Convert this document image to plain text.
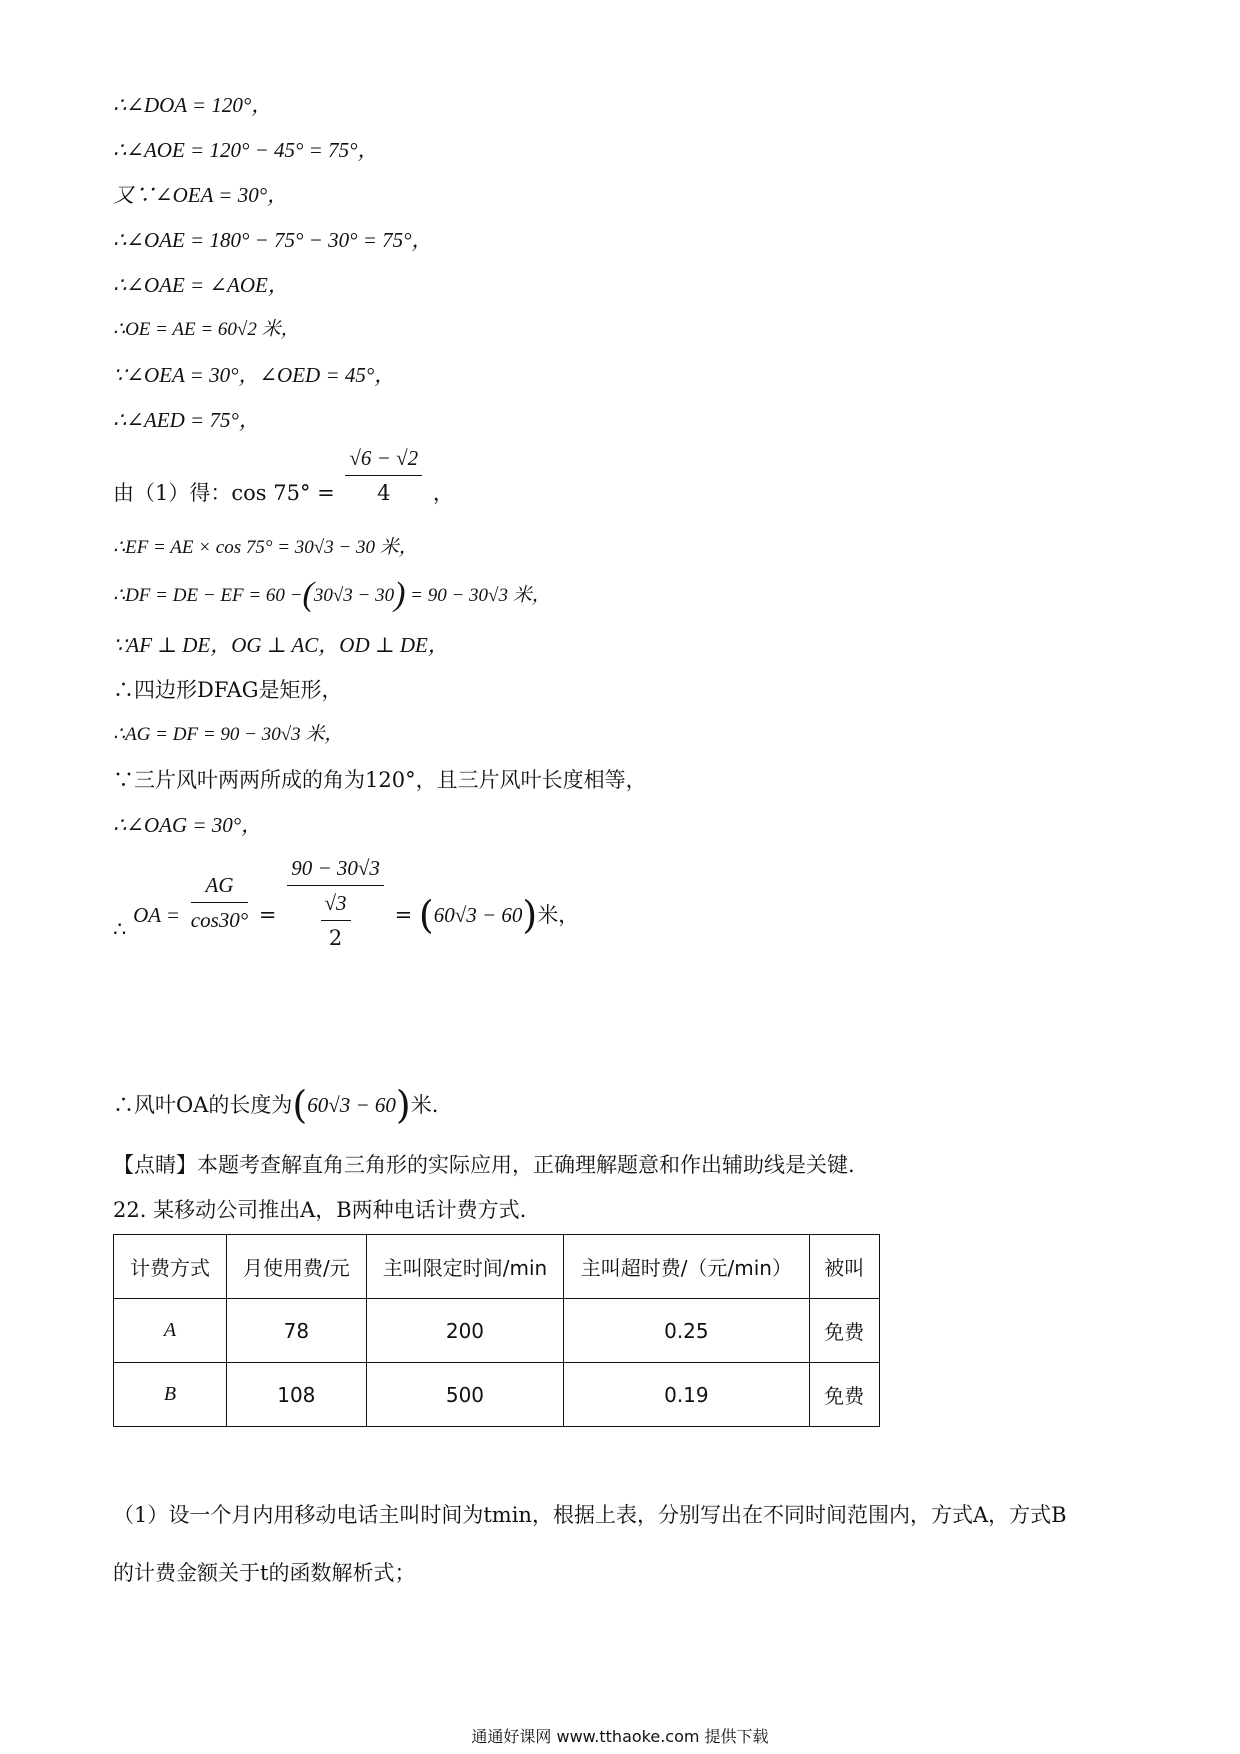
∴∠DOA = 120°，
∴∠AOE = 120° − 45° = 75°，
又∵∠OEA = 30°，
∴∠OAE = 180° − 75° − 30° = 75°，
∴∠OAE = ∠AOE，
∴OE = AE = 60√2 米，
∵∠OEA = 30°，∠OED = 45°，
∴∠AED = 75°，
由（1）得：$\cos 75^\circ = \frac{√6 - √2}{4}$ ，
∴EF = AE × cos 75° = 30√3 − 30 米，
∴DF = DE − EF = 60 −(30√3 − 30) = 90 − 30√3 米，
∵AF ⊥ DE，OG ⊥ AC，OD ⊥ DE，
∴四边形DFAG是矩形，
∴AG = DF = 90 − 30√3 米，
∵三片风叶两两所成的角为120°，且三片风叶长度相等，
∴∠OAG = 30°，
∴ OA = $\frac{AG}{\cos 30^\circ} = \frac{90 - 30√3}{\frac{√3}{2}} = (60√3 - 60)$米，
∴风叶OA的长度为(60√3 − 60)米.
【点睛】本题考查解直角三角形的实际应用，正确理解题意和作出辅助线是关键.
22. 某移动公司推出A，B两种电话计费方式.
计费方式	月使用费/元	主叫限定时间/min	主叫超时费/（元/min）	被叫
A	78	200	0.25	免费
B	108	500	0.19	免费
（1）设一个月内用移动电话主叫时间为tmin，根据上表，分别写出在不同时间范围内，方式A，方式B
的计费金额关于t的函数解析式；
通通好课网 www.tthaoke.com 提供下载
